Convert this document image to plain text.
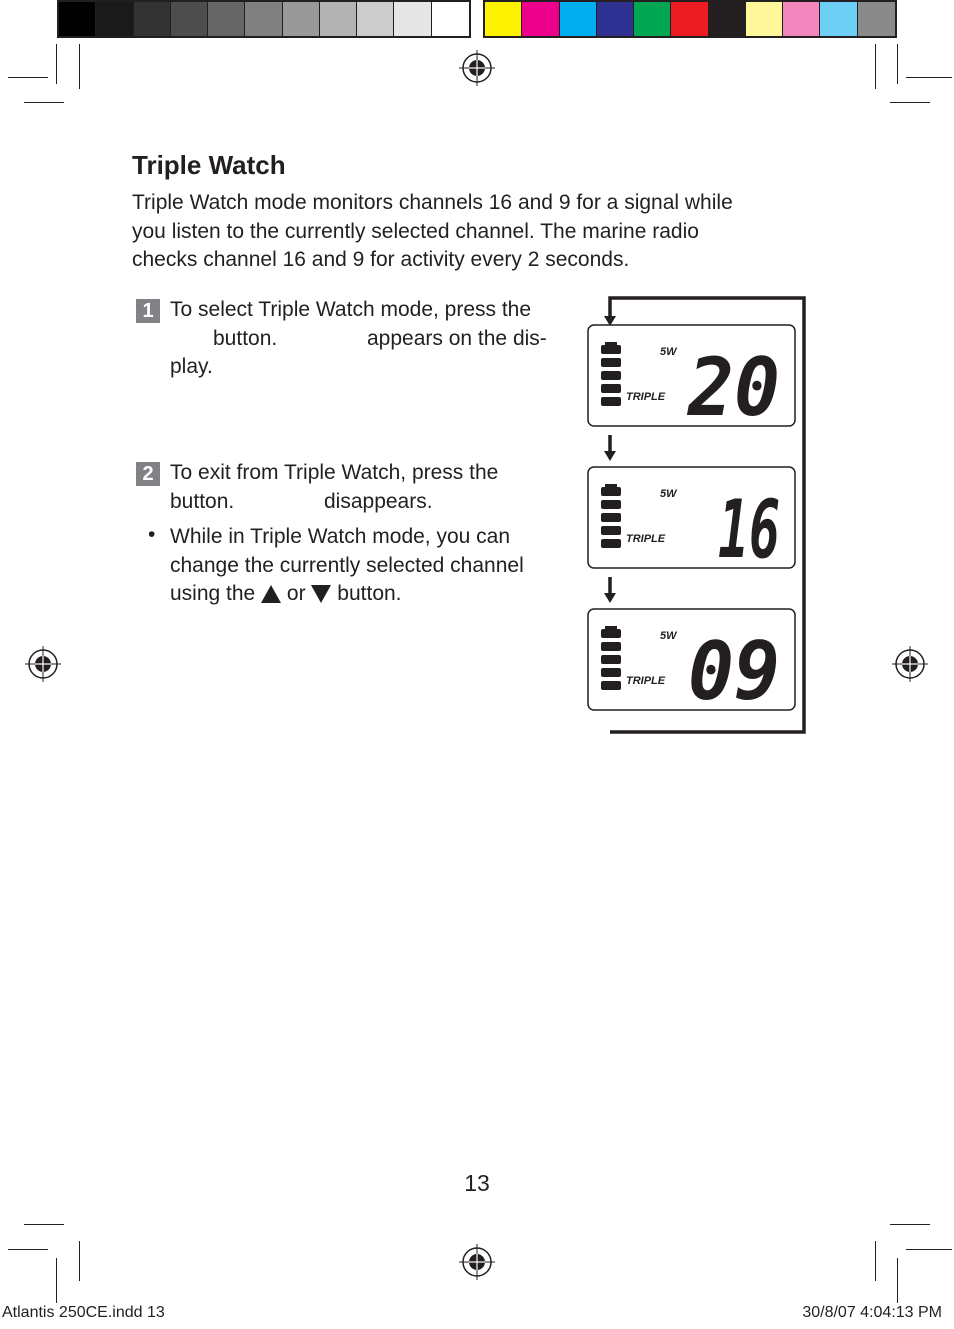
Triple Watch
Triple Watch mode monitors channels 16 and 9 for a signal while
you listen to the currently selected channel. The marine radio
checks channel 16 and 9 for activity every 2 seconds.
1 To select Triple Watch mode, press the
button.	appears on the dis-
play.
2 To exit from Triple Watch, press the
button.	disappears.
• While in Triple Watch mode, you can
change the currently selected channel
using the or button.
5W
TRIPLE 20
5W
TRIPLE 16
5W
TRIPLE 09
13
Atlantis 250CE.indd 13	30/8/07 4:04:13 PM
